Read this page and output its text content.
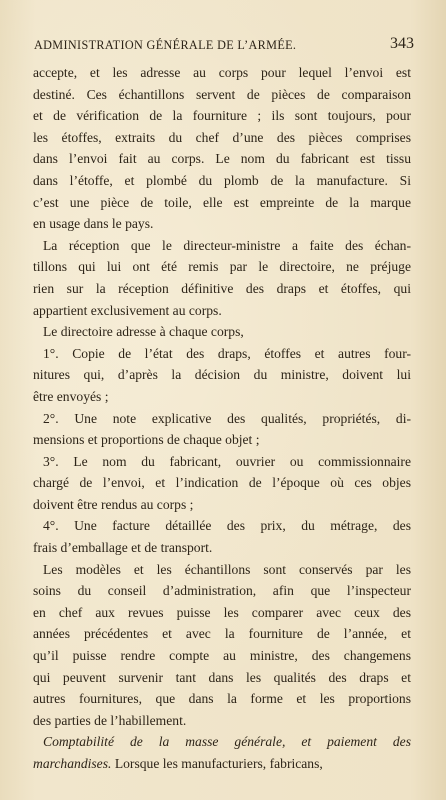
ADMINISTRATION GÉNÉRALE DE L’ARMÉE.	343
accepte, et les adresse au corps pour lequel l’envoi est
destiné. Ces échantillons servent de pièces de comparaison
et de vérification de la fourniture ; ils sont toujours, pour
les étoffes, extraits du chef d’une des pièces comprises
dans l’envoi fait au corps. Le nom du fabricant est tissu
dans l’étoffe, et plombé du plomb de la manufacture. Si
c’est une pièce de toile, elle est empreinte de la marque
en usage dans le pays.
La réception que le directeur-ministre a faite des échan-
tillons qui lui ont été remis par le directoire, ne préjuge
rien sur la réception définitive des draps et étoffes, qui
appartient exclusivement au corps.
Le directoire adresse à chaque corps,
1°. Copie de l’état des draps, étoffes et autres four-
nitures qui, d’après la décision du ministre, doivent lui
être envoyés ;
2°. Une note explicative des qualités, propriétés, di-
mensions et proportions de chaque objet ;
3°. Le nom du fabricant, ouvrier ou commissionnaire
chargé de l’envoi, et l’indication de l’époque où ces objes
doivent être rendus au corps ;
4°. Une facture détaillée des prix, du métrage, des
frais d’emballage et de transport.
Les modèles et les échantillons sont conservés par les
soins du conseil d’administration, afin que l’inspecteur
en chef aux revues puisse les comparer avec ceux des
années précédentes et avec la fourniture de l’année, et
qu’il puisse rendre compte au ministre, des changemens
qui peuvent survenir tant dans les qualités des draps et
autres fournitures, que dans la forme et les proportions
des parties de l’habillement.
Comptabilité de la masse générale, et paiement des
marchandises. Lorsque les manufacturiers, fabricans,
